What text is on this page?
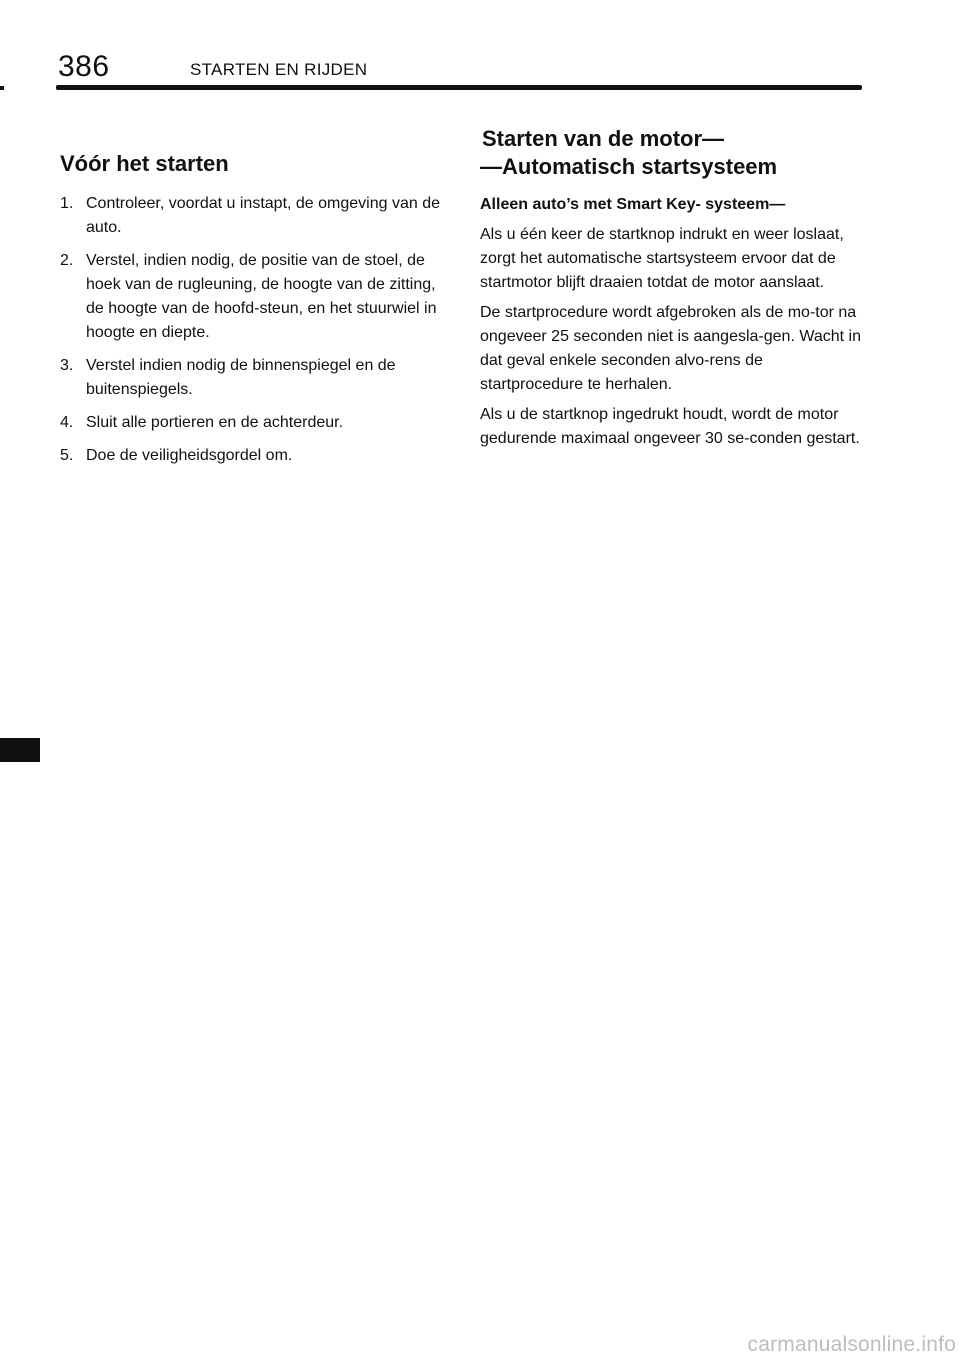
386	STARTEN EN RIJDEN
Vóór het starten
1. Controleer, voordat u instapt, de omgeving van de auto.
2. Verstel, indien nodig, de positie van de stoel, de hoek van de rugleuning, de hoogte van de zitting, de hoogte van de hoofd-steun, en het stuurwiel in hoogte en diepte.
3. Verstel indien nodig de binnenspiegel en de buitenspiegels.
4. Sluit alle portieren en de achterdeur.
5. Doe de veiligheidsgordel om.
Starten van de motor—
—Automatisch startsysteem

Alleen auto’s met Smart Key- systeem—

Als u één keer de startknop indrukt en weer loslaat, zorgt het automatische startsysteem ervoor dat de startmotor blijft draaien totdat de motor aanslaat.

De startprocedure wordt afgebroken als de mo-tor na ongeveer 25 seconden niet is aangesla-gen. Wacht in dat geval enkele seconden alvo-rens de startprocedure te herhalen.

Als u de startknop ingedrukt houdt, wordt de motor gedurende maximaal ongeveer 30 se-conden gestart.

carmanualsonline.info
